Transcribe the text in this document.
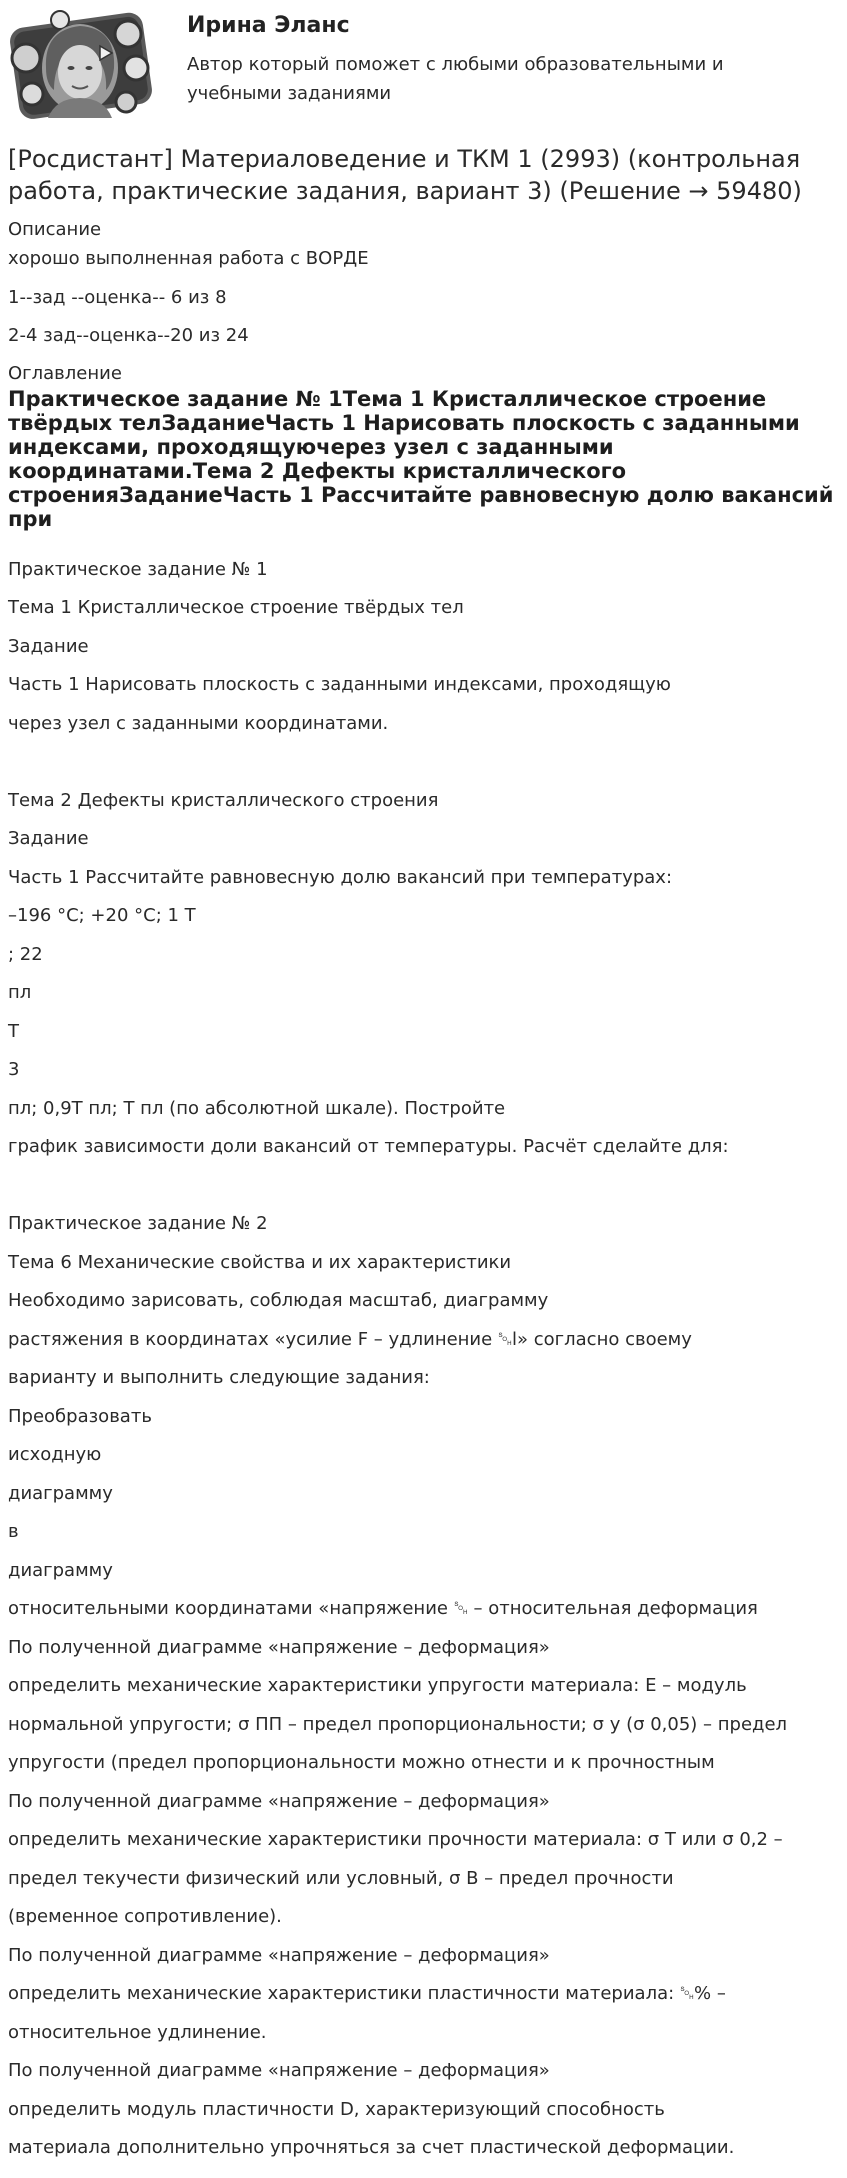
Ирина Эланс
Автор который поможет с любыми образовательными и учебными заданиями
[Росдистант] Материаловедение и ТКМ 1 (2993) (контрольная работа, практические задания, вариант 3) (Решение → 59480)
Описание
хорошо выполненная работа с ВОРДЕ
1--зад --оценка-- 6 из 8
2-4 зад--оценка--20 из 24
Оглавление
Практическое задание № 1Тема 1 Кристаллическое строение твёрдых телЗаданиеЧасть 1 Нарисовать плоскость с заданными индексами, проходящуючерез узел с заданными координатами.Тема 2 Дефекты кристаллического строенияЗаданиеЧасть 1 Рассчитайте равновесную долю вакансий при
Практическое задание № 1
Тема 1 Кристаллическое строение твёрдых тел
Задание
Часть 1 Нарисовать плоскость с заданными индексами, проходящую
через узел с заданными координатами.
Тема 2 Дефекты кристаллического строения
Задание
Часть 1 Рассчитайте равновесную долю вакансий при температурах:
–196 °С; +20 °С; 1 Т
; 22
пл
Т
3
пл; 0,9Т пл; Т пл (по абсолютной шкале). Постройте
график зависимости доли вакансий от температуры. Расчёт сделайте для:
Практическое задание № 2
Тема 6 Механические свойства и их характеристики
Необходимо зарисовать, соблюдая масштаб, диаграмму
растяжения в координатах «усилие F – удлинение ␁l» согласно своему
варианту и выполнить следующие задания:
Преобразовать
исходную
диаграмму
в
диаграмму
относительными координатами «напряжение ␁ – относительная деформация
По полученной диаграмме «напряжение – деформация»
определить механические характеристики упругости материала: Е – модуль
нормальной упругости; σ ПП – предел пропорциональности; σ у (σ 0,05) – предел
упругости (предел пропорциональности можно отнести и к прочностным
По полученной диаграмме «напряжение – деформация»
определить механические характеристики прочности материала: σ Т или σ 0,2 –
предел текучести физический или условный, σ В – предел прочности
(временное сопротивление).
По полученной диаграмме «напряжение – деформация»
определить механические характеристики пластичности материала: ␁% –
относительное удлинение.
По полученной диаграмме «напряжение – деформация»
определить модуль пластичности D, характеризующий способность
материала дополнительно упрочняться за счет пластической деформации.
